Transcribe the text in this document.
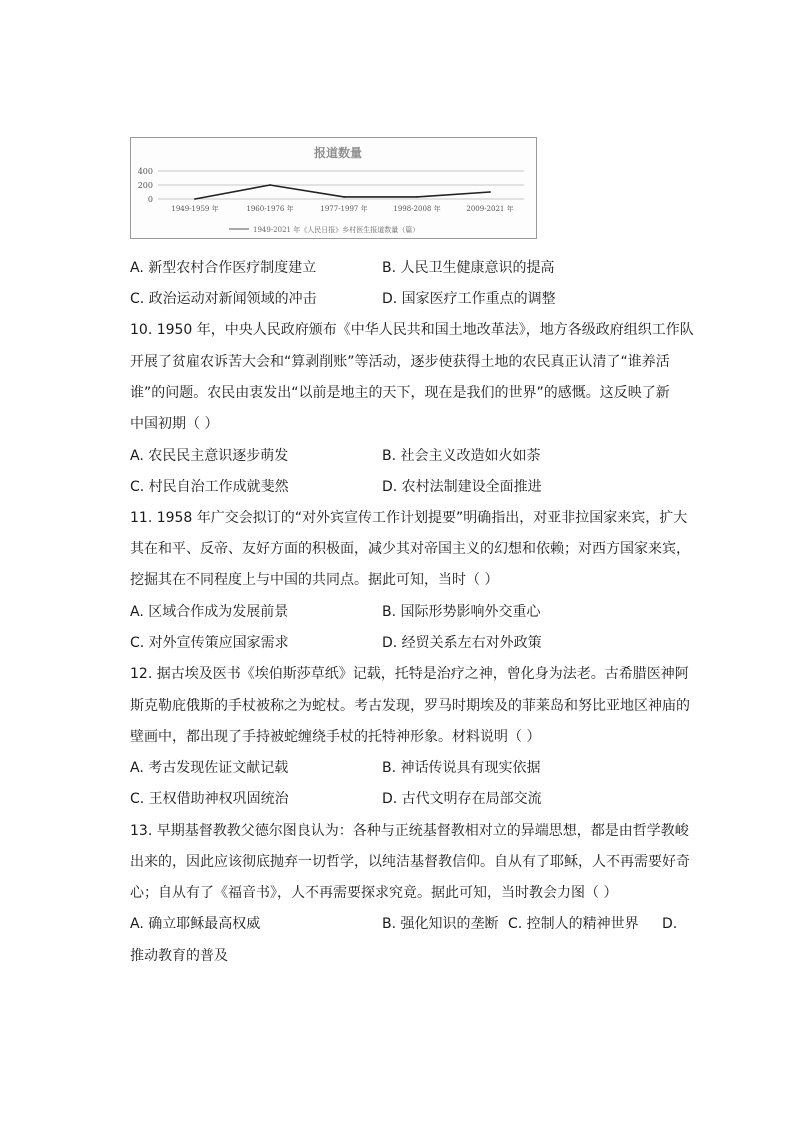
报道数量
400
200
0
1949-1959 年	1960-1976 年	1977-1997 年	1998-2008 年	2009-2021 年
1949-2021 年《人民日报》乡村医生报道数量（篇）
A. 新型农村合作医疗制度建立	B. 人民卫生健康意识的提高
C. 政治运动对新闻领域的冲击	D. 国家医疗工作重点的调整
10. 1950 年，中央人民政府颁布《中华人民共和国土地改革法》，地方各级政府组织工作队
开展了贫雇农诉苦大会和“算剥削账”等活动，逐步使获得土地的农民真正认清了“谁养活
谁”的问题。农民由衷发出“以前是地主的天下，现在是我们的世界”的感慨。这反映了新
中国初期（ ）
A. 农民民主意识逐步萌发	B. 社会主义改造如火如荼
C. 村民自治工作成就斐然	D. 农村法制建设全面推进
11. 1958 年广交会拟订的“对外宾宣传工作计划提要”明确指出，对亚非拉国家来宾，扩大
其在和平、反帝、友好方面的积极面，减少其对帝国主义的幻想和依赖；对西方国家来宾，
挖掘其在不同程度上与中国的共同点。据此可知，当时（ ）
A. 区域合作成为发展前景	B. 国际形势影响外交重心
C. 对外宣传策应国家需求	D. 经贸关系左右对外政策
12. 据古埃及医书《埃伯斯莎草纸》记载，托特是治疗之神，曾化身为法老。古希腊医神阿
斯克勒庇俄斯的手杖被称之为蛇杖。考古发现，罗马时期埃及的菲莱岛和努比亚地区神庙的
壁画中，都出现了手持被蛇缠绕手杖的托特神形象。材料说明（ ）
A. 考古发现佐证文献记载	B. 神话传说具有现实依据
C. 王权借助神权巩固统治	D. 古代文明存在局部交流
13. 早期基督教教父德尔图良认为：各种与正统基督教相对立的异端思想，都是由哲学教峻
出来的，因此应该彻底抛弃一切哲学，以纯洁基督教信仰。自从有了耶稣，人不再需要好奇
心；自从有了《福音书》，人不再需要探求究竟。据此可知，当时教会力图（ ）
A. 确立耶稣最高权威	B. 强化知识的垄断 C. 控制人的精神世界 D.
推动教育的普及
